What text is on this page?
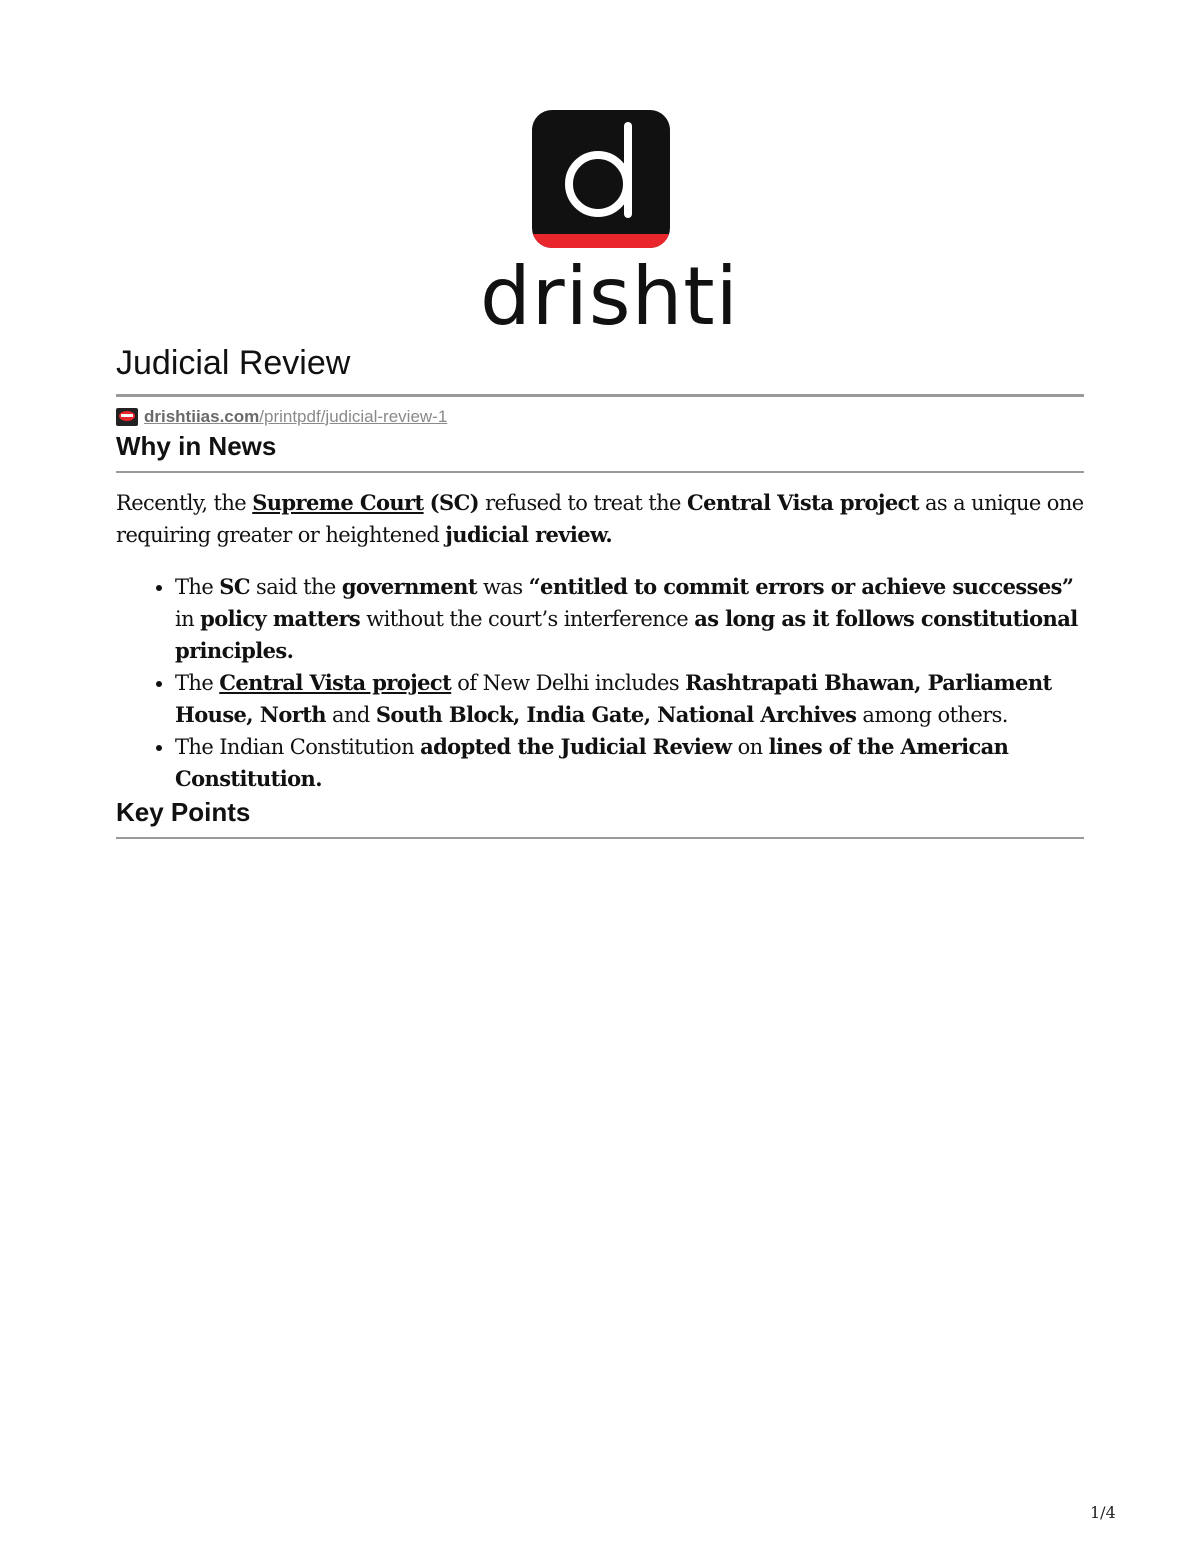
drishti
Judicial Review
drishtiias.com/printpdf/judicial-review-1
Why in News

Recently, the Supreme Court (SC) refused to treat the Central Vista project as a unique one requiring greater or heightened judicial review.

• The SC said the government was “entitled to commit errors or achieve successes” in policy matters without the court’s interference as long as it follows constitutional principles.
• The Central Vista project of New Delhi includes Rashtrapati Bhawan, Parliament House, North and South Block, India Gate, National Archives among others.
• The Indian Constitution adopted the Judicial Review on lines of the American Constitution.
Key Points
1/4
